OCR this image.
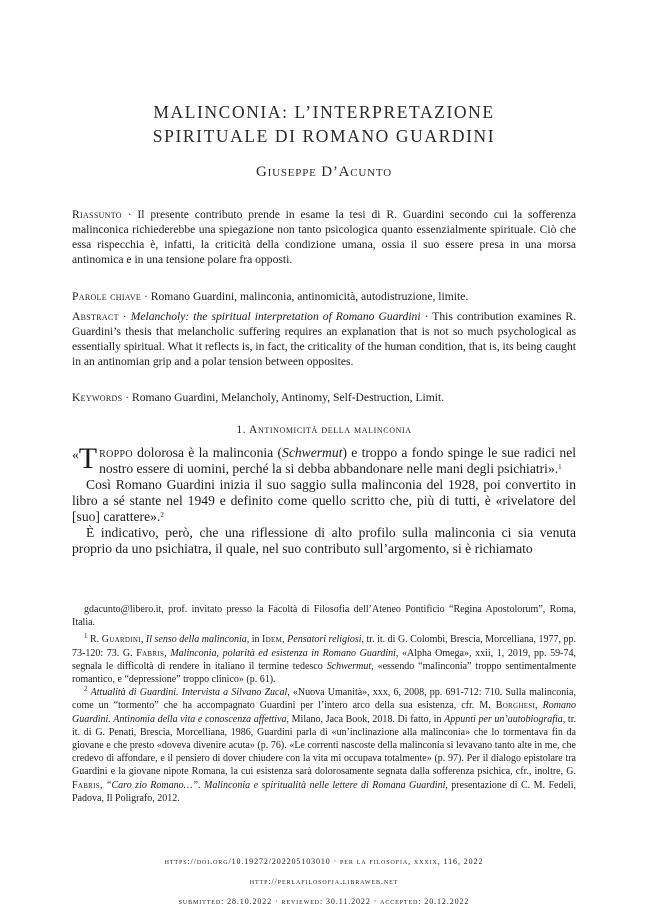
MALINCONIA: L’INTERPRETAZIONE
SPIRITUALE DI ROMANO GUARDINI
Giuseppe D’Acunto
Riassunto · Il presente contributo prende in esame la tesi di R. Guardini secondo cui la sofferenza malinconica richiederebbe una spiegazione non tanto psicologica quanto essenzialmente spirituale. Ciò che essa rispecchia è, infatti, la criticità della condizione umana, ossia il suo essere presa in una morsa antinomica e in una tensione polare fra opposti.
Parole chiave · Romano Guardini, malinconia, antinomicità, autodistruzione, limite.
Abstract · Melancholy: the spiritual interpretation of Romano Guardini · This contribution examines R. Guardini’s thesis that melancholic suffering requires an explanation that is not so much psychological as essentially spiritual. What it reflects is, in fact, the criticality of the human condition, that is, its being caught in an antinomian grip and a polar tension between opposites.
Keywords · Romano Guardini, Melancholy, Antinomy, Self-Destruction, Limit.
1. Antinomicità della malinconia

« T roppo dolorosa è la malinconia (Schwermut) e troppo a fondo spinge le sue radici nel nostro essere di uomini, perché la si debba abbandonare nelle mani degli psichiatri».$^1$

Così Romano Guardini inizia il suo saggio sulla malinconia del 1928, poi convertito in libro a sé stante nel 1949 e definito come quello scritto che, più di tutti, è «rivelatore del [suo] carattere».$^2$

È indicativo, però, che una riflessione di alto profilo sulla malinconia ci sia venuta proprio da uno psichiatra, il quale, nel suo contributo sull’argomento, si è richiamato

gdacunto@libero.it, prof. invitato presso la Facoltà di Filosofia dell’Ateneo Pontificio “Regina Apostolorum”, Roma, Italia.

$^1$ R. Guardini, Il senso della malinconia, in Idem, Pensatori religiosi, tr. it. di G. Colombi, Brescia, Morcelliana, 1977, pp. 73-120: 73. G. Fabris, Malinconia, polarità ed esistenza in Romano Guardini, «Alpha Omega», xxii, 1, 2019, pp. 59-74, segnala le difficoltà di rendere in italiano il termine tedesco Schwermut, «essendo “malinconia” troppo sentimentalmente romantico, e “depressione” troppo clinico» (p. 61).

$^2$ Attualità di Guardini. Intervista a Silvano Zucal, «Nuova Umanità», xxx, 6, 2008, pp. 691-712: 710. Sulla malinconia, come un “tormento” che ha accompagnato Guardini per l’intero arco della sua esistenza, cfr. M. Borghesi, Romano Guardini. Antinomia della vita e conoscenza affettiva, Milano, Jaca Book, 2018. Di fatto, in Appunti per un’autobiografia, tr. it. di G. Penati, Brescia, Morcelliana, 1986, Guardini parla di «un’inclinazione alla malinconia» che lo tormentava fin da giovane e che presto «doveva divenire acuta» (p. 76). «Le correnti nascoste della malinconia si levavano tanto alte in me, che credevo di affondare, e il pensiero di dover chiudere con la vita mi occupava totalmente» (p. 97). Per il dialogo epistolare tra Guardini e la giovane nipote Romana, la cui esistenza sarà dolorosamente segnata dalla sofferenza psichica, cfr., inoltre, G. Fabris, “Caro zio Romano…”. Malinconia e spiritualità nelle lettere di Romana Guardini, presentazione di C. M. Fedeli, Padova, Il Poligrafo, 2012.

https://doi.org/10.19272/202205103010 · per la filosofia, xxxix, 116, 2022
http://perlafilosofia.libraweb.net
submitted: 28.10.2022 · reviewed: 30.11.2022 · accepted: 20.12.2022
